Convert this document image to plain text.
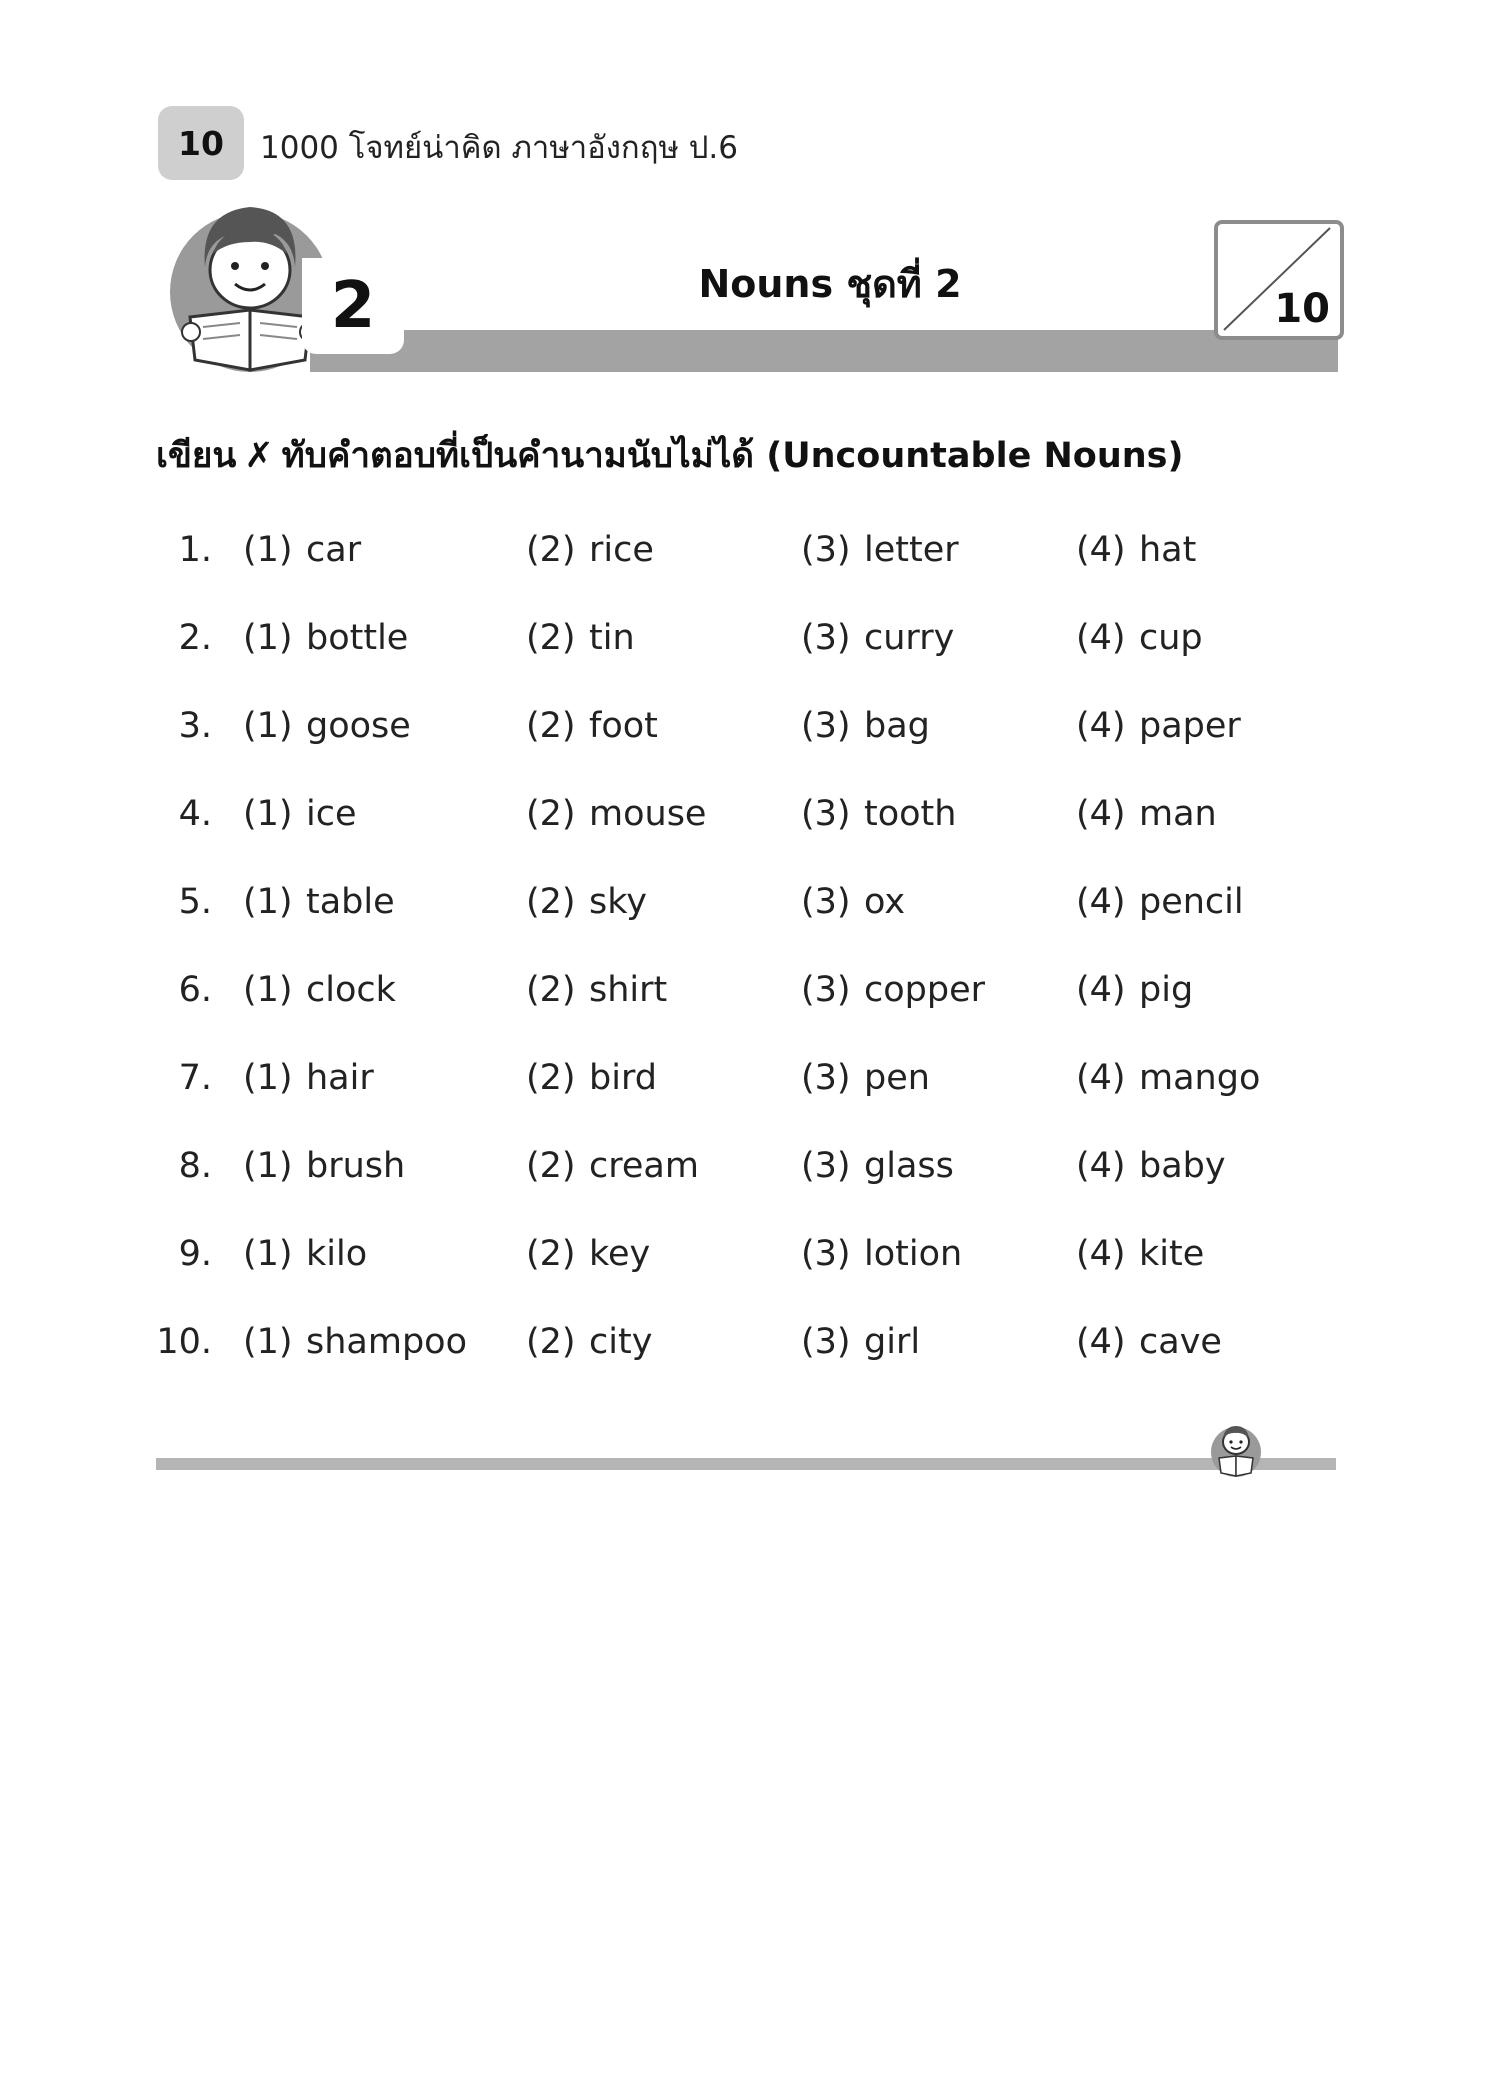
10 1000 โจทย์น่าคิด ภาษาอังกฤษ ป.6
2	Nouns ชุดที่ 2
10
เขียน ✗ ทับคำตอบที่เป็นคำนามนับไม่ได้ (Uncountable Nouns)
1. (1) car	(2) rice	(3) letter	(4) hat
2. (1) bottle	(2) tin	(3) curry	(4) cup
3. (1) goose	(2) foot	(3) bag	(4) paper
4. (1) ice	(2) mouse	(3) tooth	(4) man
5. (1) table	(2) sky	(3) ox	(4) pencil
6. (1) clock	(2) shirt	(3) copper	(4) pig
7. (1) hair	(2) bird	(3) pen	(4) mango
8. (1) brush	(2) cream	(3) glass	(4) baby
9. (1) kilo	(2) key	(3) lotion	(4) kite
10. (1) shampoo (2) city	(3) girl	(4) cave
